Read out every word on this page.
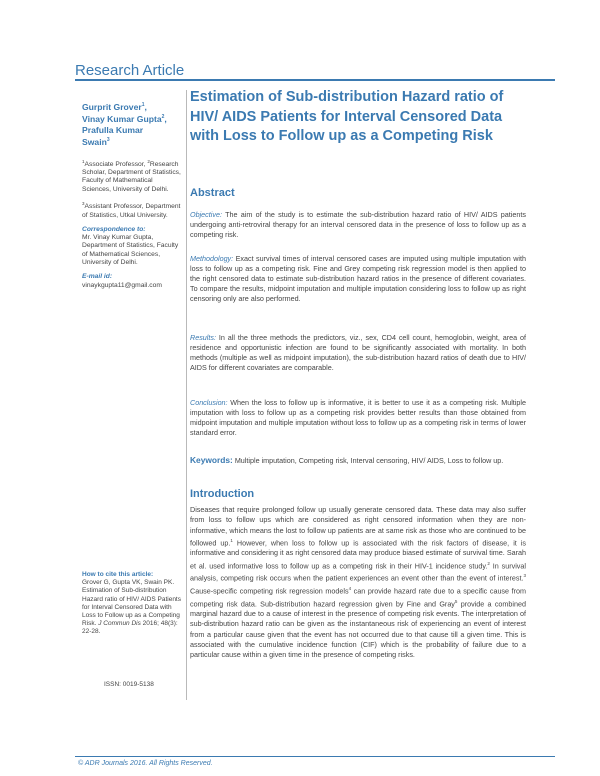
Research Article
Gurprit Grover$^1$,
Vinay Kumar Gupta$^2$,
Prafulla Kumar
Swain$^3$
$^1$Associate Professor, $^2$Research Scholar, Department of Statistics, Faculty of Mathematical Sciences, University of Delhi.
$^3$Assistant Professor, Department of Statistics, Utkal University.
Correspondence to:
Mr. Vinay Kumar Gupta, Department of Statistics, Faculty of Mathematical Sciences, University of Delhi.
E-mail id: vinaykgupta11@gmail.com
How to cite this article:
Grover G, Gupta VK, Swain PK. Estimation of Sub-distribution Hazard ratio of HIV/ AIDS Patients for Interval Censored Data with Loss to Follow up as a Competing Risk. J Commun Dis 2016; 48(3): 22-28.
ISSN: 0019-5138
Estimation of Sub-distribution Hazard ratio of HIV/ AIDS Patients for Interval Censored Data with Loss to Follow up as a Competing Risk
Abstract
Objective: The aim of the study is to estimate the sub-distribution hazard ratio of HIV/ AIDS patients undergoing anti-retroviral therapy for an interval censored data in the presence of loss to follow up as a competing risk.
Methodology: Exact survival times of interval censored cases are imputed using multiple imputation with loss to follow up as a competing risk. Fine and Grey competing risk regression model is then applied to the right censored data to estimate sub-distribution hazard ratios in the presence of different covariates. To compare the results, midpoint imputation and multiple imputation considering loss to follow up as right censoring only are also performed.
Results: In all the three methods the predictors, viz., sex, CD4 cell count, hemoglobin, weight, area of residence and opportunistic infection are found to be significantly associated with mortality. In both methods (multiple as well as midpoint imputation), the sub-distribution hazard ratios of death due to HIV/ AIDS for different covariates are comparable.
Conclusion: When the loss to follow up is informative, it is better to use it as a competing risk. Multiple imputation with loss to follow up as a competing risk provides better results than those obtained from midpoint imputation and multiple imputation without loss to follow up as a competing risk in terms of lower standard error.
Keywords: Multiple imputation, Competing risk, Interval censoring, HIV/ AIDS, Loss to follow up.
Introduction
Diseases that require prolonged follow up usually generate censored data. These data may also suffer from loss to follow ups which are considered as right censored information when they are non-informative, which means the lost to follow up patients are at same risk as those who are continued to be followed up.$^1$ However, when loss to follow up is associated with the risk factors of disease, it is informative and considering it as right censored data may produce biased estimate of survival time. Sarah et al. used informative loss to follow up as a competing risk in their HIV-1 incidence study.$^2$ In survival analysis, competing risk occurs when the patient experiences an event other than the event of interest.$^3$ Cause-specific competing risk regression models$^4$ can provide hazard rate due to a specific cause from competing risk data. Sub-distribution hazard regression given by Fine and Gray$^5$ provide a combined marginal hazard due to a cause of interest in the presence of competing risk events. The interpretation of sub-distribution hazard ratio can be given as the instantaneous risk of experiencing an event of interest from a particular cause given that the event has not occurred due to that cause till a given time. This is associated with the cumulative incidence function (CIF) which is the probability of failure due to a particular cause within a given time in the presence of competing risks.
© ADR Journals 2016. All Rights Reserved.
